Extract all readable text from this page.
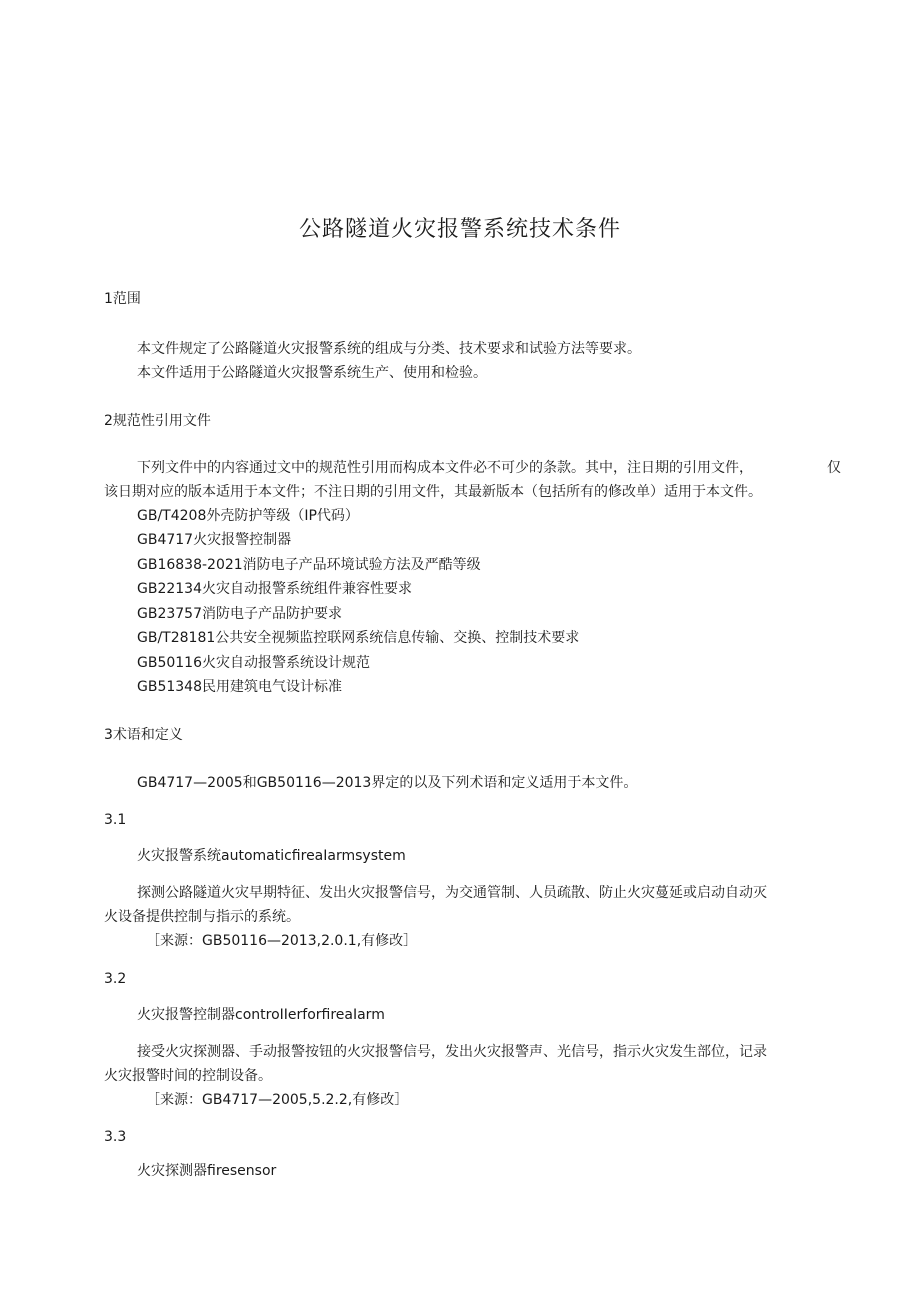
公路隧道火灾报警系统技术条件
1范围
本文件规定了公路隧道火灾报警系统的组成与分类、技术要求和试验方法等要求。
本文件适用于公路隧道火灾报警系统生产、使用和检验。
2规范性引用文件
下列文件中的内容通过文中的规范性引用而构成本文件必不可少的条款。其中，注日期的引用文件，	仅
该日期对应的版本适用于本文件；不注日期的引用文件，其最新版本（包括所有的修改单）适用于本文件。
GB/T4208外壳防护等级（IP代码）
GB4717火灾报警控制器
GB16838-2021消防电子产品环境试验方法及严酷等级
GB22134火灾自动报警系统组件兼容性要求
GB23757消防电子产品防护要求
GB/T28181公共安全视频监控联网系统信息传输、交换、控制技术要求
GB50116火灾自动报警系统设计规范
GB51348民用建筑电气设计标准
3术语和定义
GB4717—2005和GB50116—2013界定的以及下列术语和定义适用于本文件。
3.1
火灾报警系统automaticfireaIarmsystem
探测公路隧道火灾早期特征、发出火灾报警信号，为交通管制、人员疏散、防止火灾蔓延或启动自动灭
火设备提供控制与指示的系统。
［来源：GB50116—2013,2.0.1,有修改］
3.2
火灾报警控制器controIIerforfireaIarm
接受火灾探测器、手动报警按钮的火灾报警信号，发出火灾报警声、光信号，指示火灾发生部位，记录
火灾报警时间的控制设备。
［来源：GB4717—2005,5.2.2,有修改］
3.3
火灾探测器firesensor
